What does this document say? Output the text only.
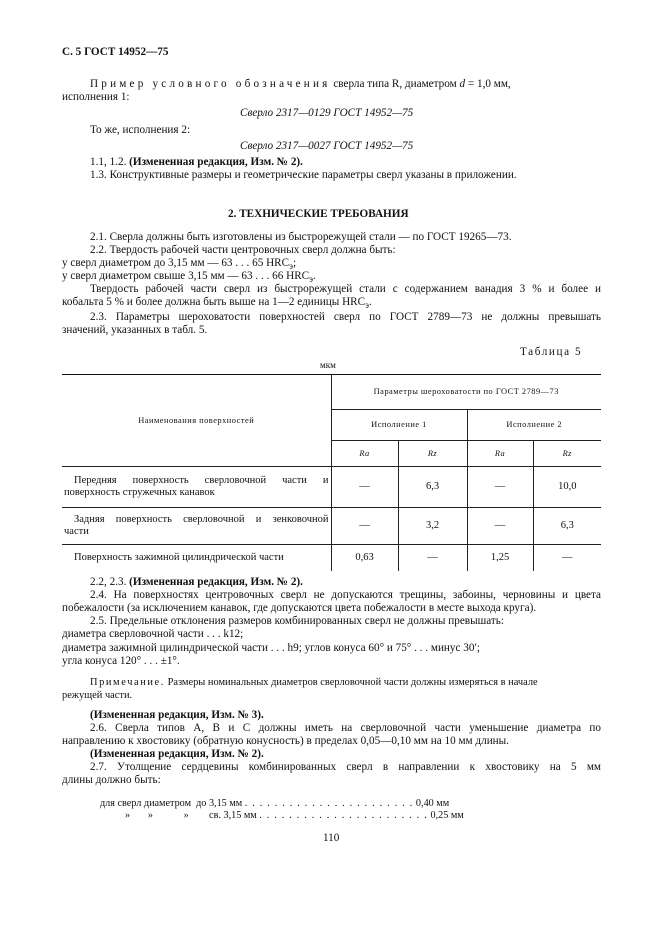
С. 5 ГОСТ 14952—75
Пример условного обозначения сверла типа R, диаметром d = 1,0 мм,
исполнения 1:
Сверло 2317—0129 ГОСТ 14952—75
То же, исполнения 2:
Сверло 2317—0027 ГОСТ 14952—75
1.1, 1.2. (Измененная редакция, Изм. № 2).
1.3. Конструктивные размеры и геометрические параметры сверл указаны в приложении.
2. ТЕХНИЧЕСКИЕ ТРЕБОВАНИЯ
2.1. Сверла должны быть изготовлены из быстрорежущей стали — по ГОСТ 19265—73.
2.2. Твердость рабочей части центровочных сверл должна быть:
у сверл диаметром до 3,15 мм — 63 . . . 65 $HRC_э$;
у сверл диаметром свыше 3,15 мм — 63 . . . 66 $HRC_э$.
Твердость рабочей части сверл из быстрорежущей стали с содержанием ванадия 3 % и более и
кобальта 5 % и более должна быть выше на 1—2 единицы $HRC_э$.
2.3. Параметры шероховатости поверхностей сверл по ГОСТ 2789—73 не должны превышать
значений, указанных в табл. 5.
Таблица 5
мкм
Наименования поверхностей	Параметры шероховатости по ГОСТ 2789—73			
	Исполнение 1		Исполнение 2	
	Ra	Rz	Ra	Rz

Передняя поверхность сверловочной части и
поверхность стружечных канавок	—	6,3	—	10,0

Задняя поверхность сверловочной и зенковочной
части	—	3,2	—	6,3

Поверхность зажимной цилиндрической части	0,63	—	1,25	—
2.2, 2.3. (Измененная редакция, Изм. № 2).
2.4. На поверхностях центровочных сверл не допускаются трещины, забоины, черновины и цвета
побежалости (за исключением канавок, где допускаются цвета побежалости в месте выхода круга).
2.5. Предельные отклонения размеров комбинированных сверл не должны превышать:
диаметра сверловочной части . . . k12;
диаметра зажимной цилиндрической части . . . h9; углов конуса 60° и 75° . . . минус 30′;
угла конуса 120° . . . ±1°.
Примечание. Размеры номинальных диаметров сверловочной части должны измеряться в начале
режущей части.
(Измененная редакция, Изм. № 3).
2.6. Сверла типов А, В и С должны иметь на сверловочной части уменьшение диаметра по
направлению к хвостовику (обратную конусность) в пределах 0,05—0,10 мм на 10 мм длины.
(Измененная редакция, Изм. № 2).
2.7. Утолщение сердцевины комбинированных сверл в направлении к хвостовику на 5 мм
длины должно быть:
для сверл диаметром  до 3,15 мм . . . . . . . . . . . . . . . . . . . . . . . 0,40 мм
»       »            »        св. 3,15 мм . . . . . . . . . . . . . . . . . . . . . . . 0,25 мм
110
